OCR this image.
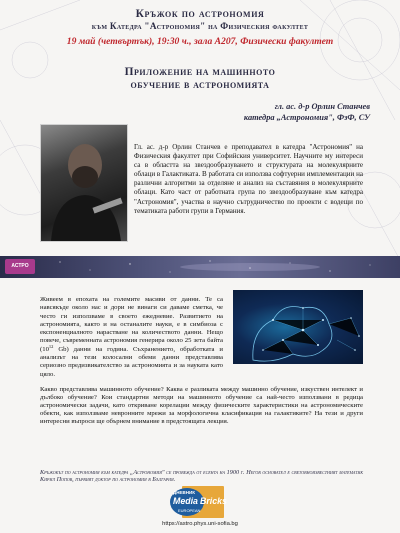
Кръжок по астрономия
към Катедра "Астрономия" на Физическия факултет
19 май (четвъртък), 19:30 ч., зала А207, Физически факултет
Приложение на машинното
обучение в астрономията
гл. ас. д-р Орлин Станчев
катедра „Астрономия", ФзФ, СУ
Гл. ас. д-р Орлин Станчев е преподавател в катедра "Астрономия" на Физическия факултет при Софийския университет. Научните му интереси са в областта на звездообразуването и структурата на молекулярните облаци в Галактиката. В работата си използва софтуерни имплементации на различни алгоритми за отделяне и анализ на съставяния в молекулярните облаци. Като част от работната група по звездообразуване към катедра "Астрономия", участва в научно сътрудничество по проекти с водещи по тематиката работи групи в Германия.
АСТРО
Живеем в епохата на големите масиви от данни. Те са навсякъде около нас и дори не винаги си даваме сметка, че често ги използваме в своето ежедневие. Развитието на астрономията, както и на останалите науки, е в симбиоза с експоненциалното нарастване на количеството данни. Нещо повече, съвременната астрономия генерира около 25 зета байта ($10^{12}$ Gb) данни на година. Съхранението, обработката и анализът на тези колосални обеми данни представлява сериозно предизвикателство за астрономията и за науката като цяло.
Какво представлява машинното обучение? Каква е разликата между машинно обучение, изкуствен интелект и дълбоко обучение? Кои стандартни методи на машинното обучение са най-често използвани в редица астрономически задачи, като откриване корелации между физическите характеристики на астрономическите обекти, как използваме невронните мрежи за морфологична класификация на галактиките? На тези и други интересни въпроси ще обърнем внимание в предстоящата лекция.
Кръжокът по астрономия към катедра „Астрономия" се провежда от есента на 1900 г. Негов основател е световноизвестният математик Кирил Попов, първият доктор по астрономия в България.
ДНЕВНИК
Media Bricks
EUROPEAN
https://astro.phys.uni-sofia.bg
